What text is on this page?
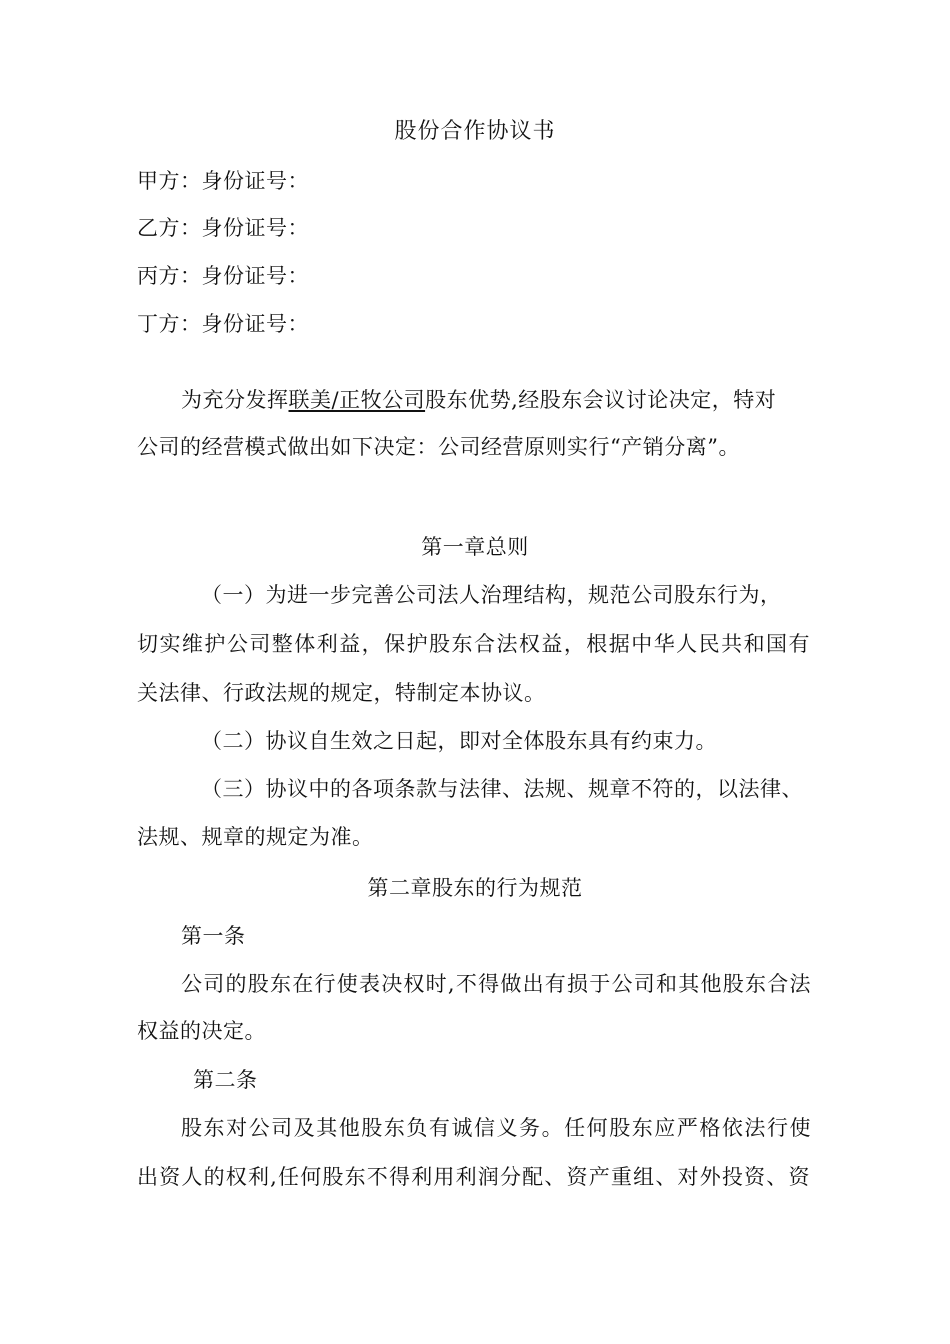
股份合作协议书
甲方：身份证号：
乙方：身份证号：
丙方：身份证号：
丁方：身份证号：
为充分发挥联美/正牧公司股东优势,经股东会议讨论决定，特对
公司的经营模式做出如下决定：公司经营原则实行“产销分离”。
第一章总则
（一）为进一步完善公司法人治理结构，规范公司股东行为，
切实维护公司整体利益，保护股东合法权益，根据中华人民共和国有
关法律、行政法规的规定，特制定本协议。
（二）协议自生效之日起，即对全体股东具有约束力。
（三）协议中的各项条款与法律、法规、规章不符的，以法律、
法规、规章的规定为准。
第二章股东的行为规范
第一条
公司的股东在行使表决权时,不得做出有损于公司和其他股东合法
权益的决定。
第二条
股东对公司及其他股东负有诚信义务。任何股东应严格依法行使
出资人的权利,任何股东不得利用利润分配、资产重组、对外投资、资
